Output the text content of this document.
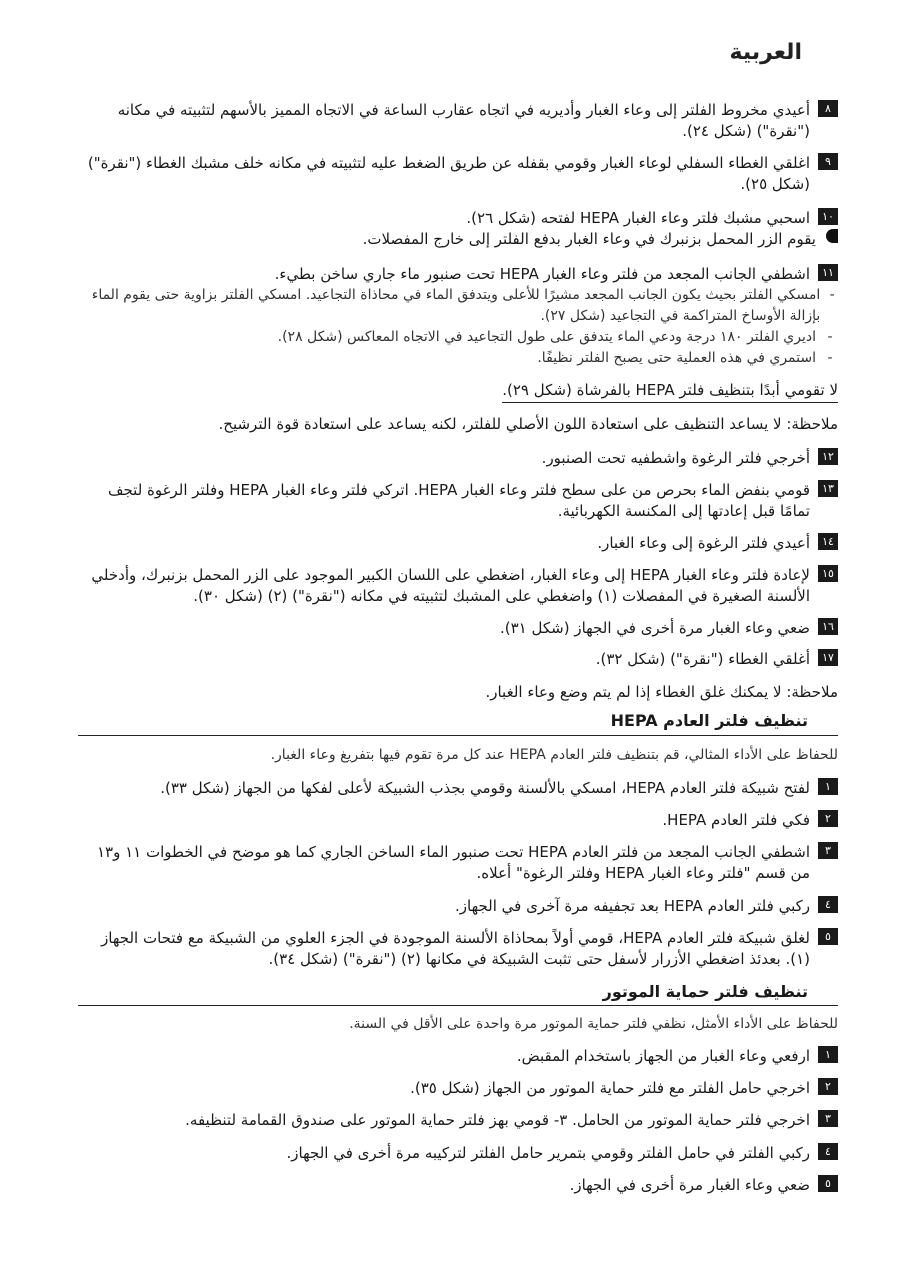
العربية
٨
أعيدي مخروط الفلتر إلى وعاء الغبار وأديريه في اتجاه عقارب الساعة في الاتجاه المميز بالأسهم لتثبيته في مكانه ("نقرة") (شكل ٢٤).
٩
اغلقي الغطاء السفلي لوعاء الغبار وقومي بقفله عن طريق الضغط عليه لتثبيته في مكانه خلف مشبك الغطاء ("نقرة") (شكل ٢٥).
١٠
اسحبي مشبك فلتر وعاء الغبار HEPA لفتحه (شكل ٢٦).
يقوم الزر المحمل بزنبرك في وعاء الغبار بدفع الفلتر إلى خارج المفصلات.
١١
اشطفي الجانب المجعد من فلتر وعاء الغبار HEPA تحت صنبور ماء جاري ساخن بطيء.
-
امسكي الفلتر بحيث يكون الجانب المجعد مشيرًا للأعلى ويتدفق الماء في محاذاة التجاعيد. امسكي الفلتر بزاوية حتى يقوم الماء بإزالة الأوساخ المتراكمة في التجاعيد (شكل ٢٧).
-
اديري الفلتر ١٨٠ درجة ودعي الماء يتدفق على طول التجاعيد في الاتجاه المعاكس (شكل ٢٨).
-
استمري في هذه العملية حتى يصبح الفلتر نظيفًا.
لا تقومي أبدًا بتنظيف فلتر HEPA بالفرشاة (شكل ٢٩).
ملاحظة: لا يساعد التنظيف على استعادة اللون الأصلي للفلتر، لكنه يساعد على استعادة قوة الترشيح.
١٢
أخرجي فلتر الرغوة واشطفيه تحت الصنبور.
١٣
قومي بنفض الماء بحرص من على سطح فلتر وعاء الغبار HEPA. اتركي فلتر وعاء الغبار HEPA وفلتر الرغوة لتجف تمامًا قبل إعادتها إلى المكنسة الكهربائية.
١٤
أعيدي فلتر الرغوة إلى وعاء الغبار.
١٥
لإعادة فلتر وعاء الغبار HEPA إلى وعاء الغبار، اضغطي على اللسان الكبير الموجود على الزر المحمل بزنبرك، وأدخلي الألسنة الصغيرة في المفصلات (١) واضغطي على المشبك لتثبيته في مكانه ("نقرة") (٢) (شكل ٣٠).
١٦
ضعي وعاء الغبار مرة أخرى في الجهاز (شكل ٣١).
١٧
أغلقي الغطاء ("نقرة") (شكل ٣٢).
ملاحظة: لا يمكنك غلق الغطاء إذا لم يتم وضع وعاء الغبار.
تنظيف فلتر العادم HEPA
للحفاظ على الأداء المثالي، قم بتنظيف فلتر العادم HEPA عند كل مرة تقوم فيها بتفريغ وعاء الغبار.
١
لفتح شبيكة فلتر العادم HEPA، امسكي بالألسنة وقومي بجذب الشبيكة لأعلى لفكها من الجهاز (شكل ٣٣).
٢
فكي فلتر العادم HEPA.
٣
اشطفي الجانب المجعد من فلتر العادم HEPA تحت صنبور الماء الساخن الجاري كما هو موضح في الخطوات ١١ و١٣ من قسم "فلتر وعاء الغبار HEPA وفلتر الرغوة" أعلاه.
٤
ركبي فلتر العادم HEPA بعد تجفيفه مرة آخرى في الجهاز.
٥
لغلق شبيكة فلتر العادم HEPA، قومي أولاً بمحاذاة الألسنة الموجودة في الجزء العلوي من الشبيكة مع فتحات الجهاز (١). بعدئذ اضغطي الأزرار لأسفل حتى تثبت الشبيكة في مكانها (٢) ("نقرة") (شكل ٣٤).
تنظيف فلتر حماية الموتور
للحفاظ على الأداء الأمثل، نظفي فلتر حماية الموتور مرة واحدة على الأقل في السنة.
١
ارفعي وعاء الغبار من الجهاز باستخدام المقبض.
٢
اخرجي حامل الفلتر مع فلتر حماية الموتور من الجهاز (شكل ٣٥).
٣
اخرجي فلتر حماية الموتور من الحامل. ٣- قومي بهز فلتر حماية الموتور على صندوق القمامة لتنظيفه.
٤
ركبي الفلتر في حامل الفلتر وقومي بتمرير حامل الفلتر لتركيبه مرة أخرى في الجهاز.
٥
ضعي وعاء الغبار مرة أخرى في الجهاز.
